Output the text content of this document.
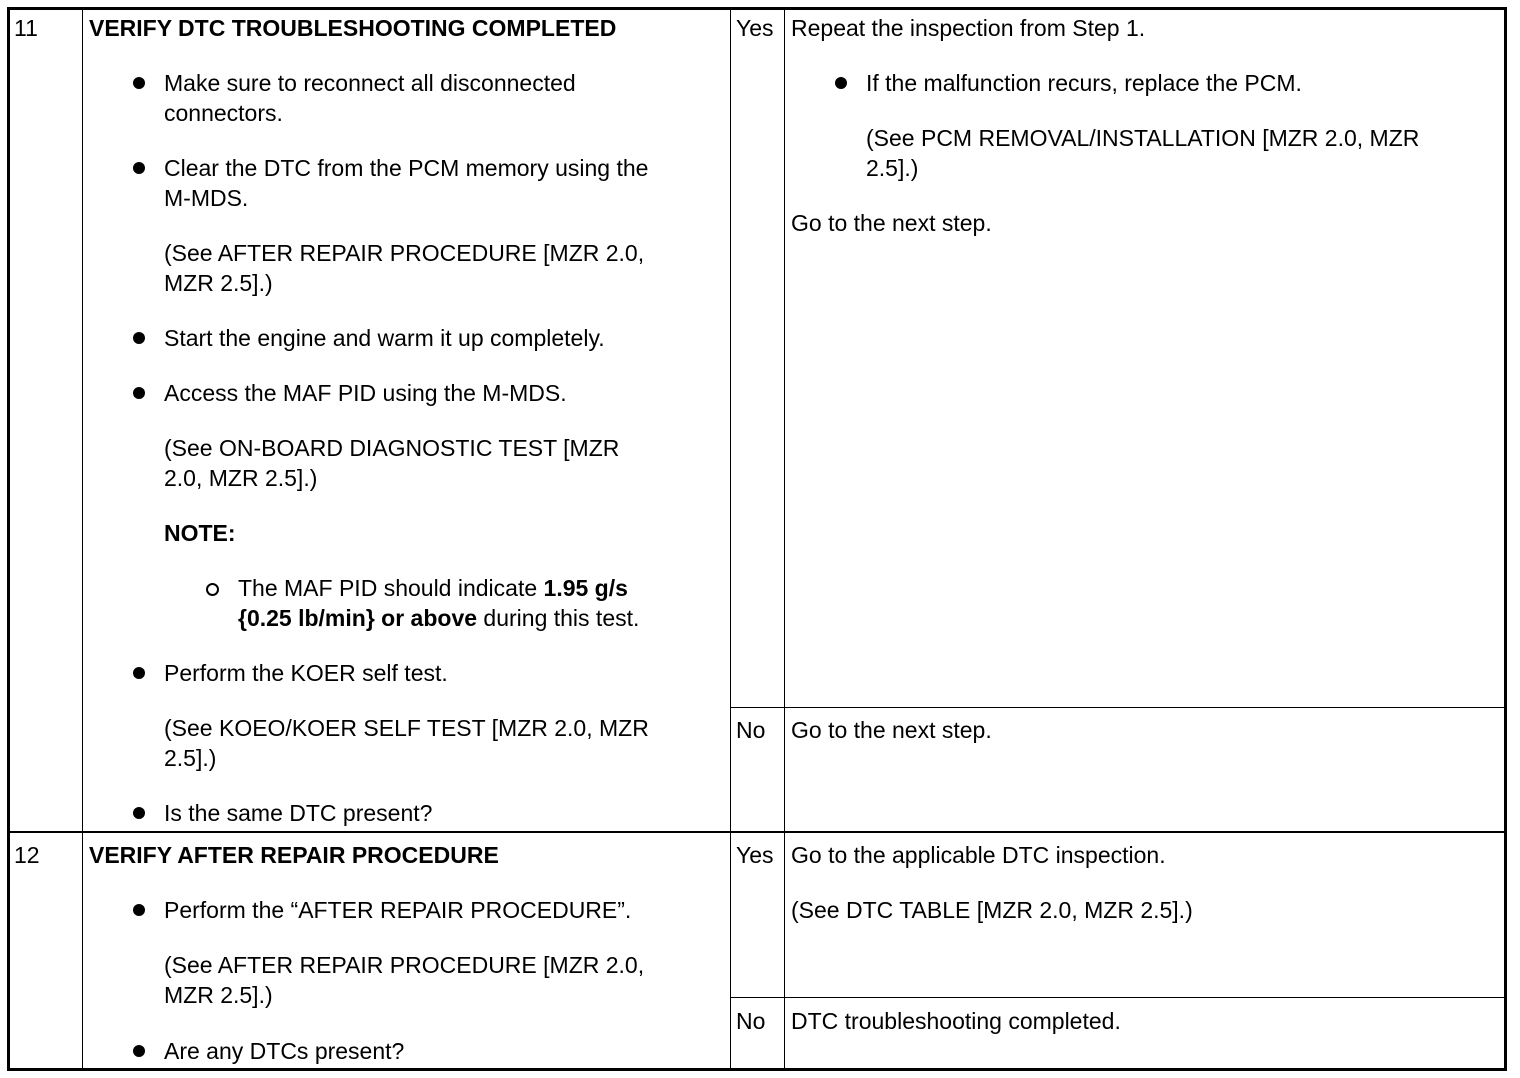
11 VERIFY DTC TROUBLESHOOTING COMPLETED
Make sure to reconnect all disconnected
connectors.
Clear the DTC from the PCM memory using the
M-MDS.
(See AFTER REPAIR PROCEDURE [MZR 2.0,
MZR 2.5].)
Start the engine and warm it up completely.
Access the MAF PID using the M-MDS.
(See ON-BOARD DIAGNOSTIC TEST [MZR
2.0, MZR 2.5].)
NOTE:
The MAF PID should indicate 1.95 g/s
{0.25 lb/min} or above during this test.
Perform the KOER self test.
(See KOEO/KOER SELF TEST [MZR 2.0, MZR
2.5].)
Is the same DTC present?
Yes Repeat the inspection from Step 1.
If the malfunction recurs, replace the PCM.
(See PCM REMOVAL/INSTALLATION [MZR 2.0, MZR
2.5].)
Go to the next step.
No Go to the next step.
12 VERIFY AFTER REPAIR PROCEDURE
Perform the “AFTER REPAIR PROCEDURE”.
(See AFTER REPAIR PROCEDURE [MZR 2.0,
MZR 2.5].)
Are any DTCs present?
Yes Go to the applicable DTC inspection.
(See DTC TABLE [MZR 2.0, MZR 2.5].)
No DTC troubleshooting completed.
